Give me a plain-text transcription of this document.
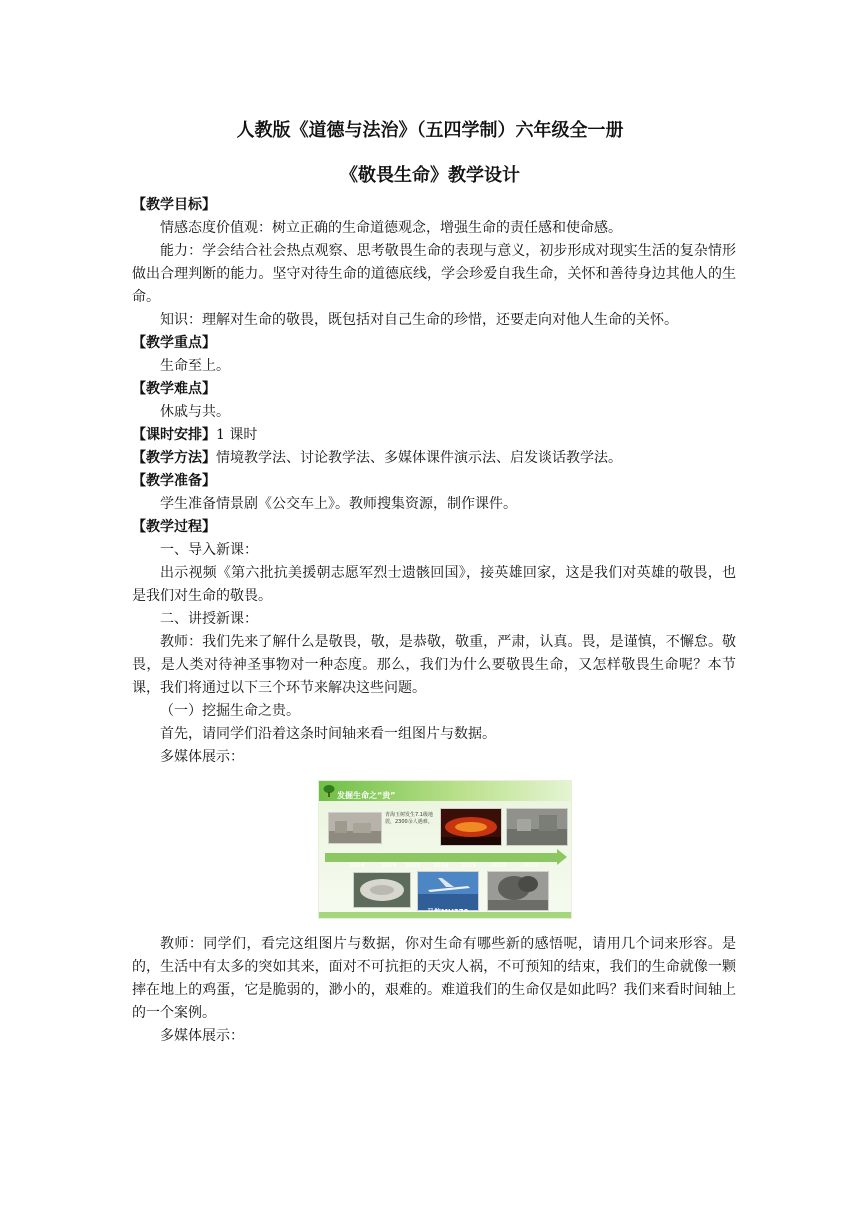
人教版《道德与法治》（五四学制）六年级全一册
《敬畏生命》教学设计

【教学目标】

情感态度价值观：树立正确的生命道德观念，增强生命的责任感和使命感。

能力：学会结合社会热点观察、思考敬畏生命的表现与意义，初步形成对现实生活的复杂情形做出合理判断的能力。坚守对待生命的道德底线，学会珍爱自我生命，关怀和善待身边其他人的生命。

知识：理解对生命的敬畏，既包括对自己生命的珍惜，还要走向对他人生命的关怀。

【教学重点】

生命至上。

【教学难点】

休戚与共。

【课时安排】1 课时

【教学方法】情境教学法、讨论教学法、多媒体课件演示法、启发谈话教学法。

【教学准备】

学生准备情景剧《公交车上》。教师搜集资源，制作课件。

【教学过程】

一、导入新课：

出示视频《第六批抗美援朝志愿军烈士遗骸回国》，接英雄回家，这是我们对英雄的敬畏，也是我们对生命的敬畏。

二、讲授新课：

教师：我们先来了解什么是敬畏，敬，是恭敬，敬重，严肃，认真。畏，是谨慎，不懈怠。敬畏，是人类对待神圣事物对一种态度。那么，我们为什么要敬畏生命，又怎样敬畏生命呢？本节课，我们将通过以下三个环节来解决这些问题。

（一）挖掘生命之贵。

首先，请同学们沿着这条时间轴来看一组图片与数据。

多媒体展示：

发掘生命之“贵”
青海玉树发生7.1级地震，2300余人遇难。
2004	2008 2010 2014 2015 2018	2019

教师：同学们，看完这组图片与数据，你对生命有哪些新的感悟呢，请用几个词来形容。是的，生活中有太多的突如其来，面对不可抗拒的天灾人祸，不可预知的结束，我们的生命就像一颗摔在地上的鸡蛋，它是脆弱的，渺小的，艰难的。难道我们的生命仅是如此吗？我们来看时间轴上的一个案例。

多媒体展示：
